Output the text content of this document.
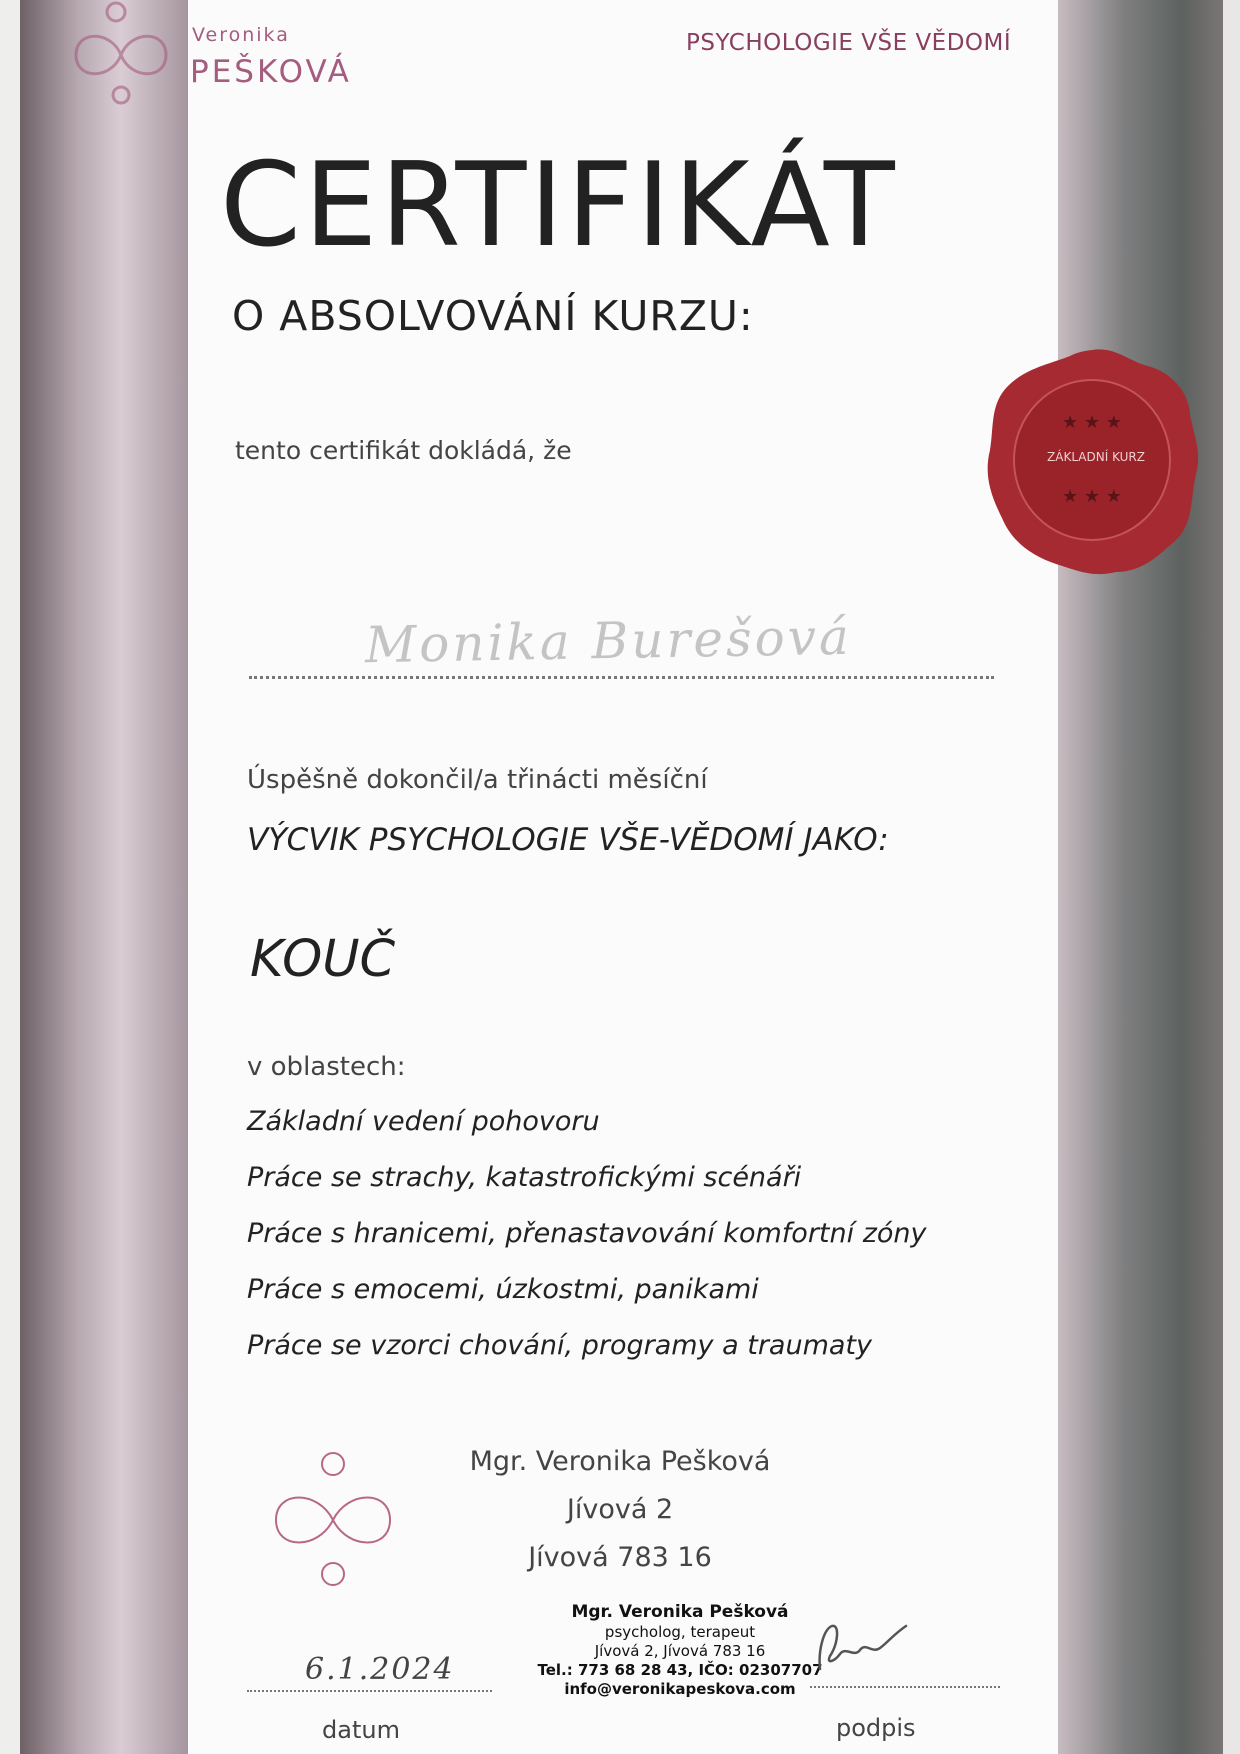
Veronika

PEŠKOVÁ

PSYCHOLOGIE VŠE VĚDOMÍ

CERTIFIKÁT

O ABSOLVOVÁNÍ KURZU:

tento certifikát dokládá, že

Monika Burešová

Úspěšně dokončil/a třinácti měsíční

VÝCVIK PSYCHOLOGIE VŠE-VĚDOMÍ JAKO:

KOUČ

v oblastech:

Základní vedení pohovoru
Práce se strachy, katastrofickými scénáři
Práce s hranicemi, přenastavování komfortní zóny
Práce s emocemi, úzkostmi, panikami
Práce se vzorci chování, programy a traumaty
★ ★ ★
★ ★ ★

ZÁKLADNÍ KURZ

Mgr. Veronika Pešková
Jívová 2
Jívová 783 16
Mgr. Veronika Pešková
psycholog, terapeut
Jívová 2, Jívová 783 16
Tel.: 773 68 28 43, IČO: 02307707
info@veronikapeskova.com

6.1.2024

datum	podpis
